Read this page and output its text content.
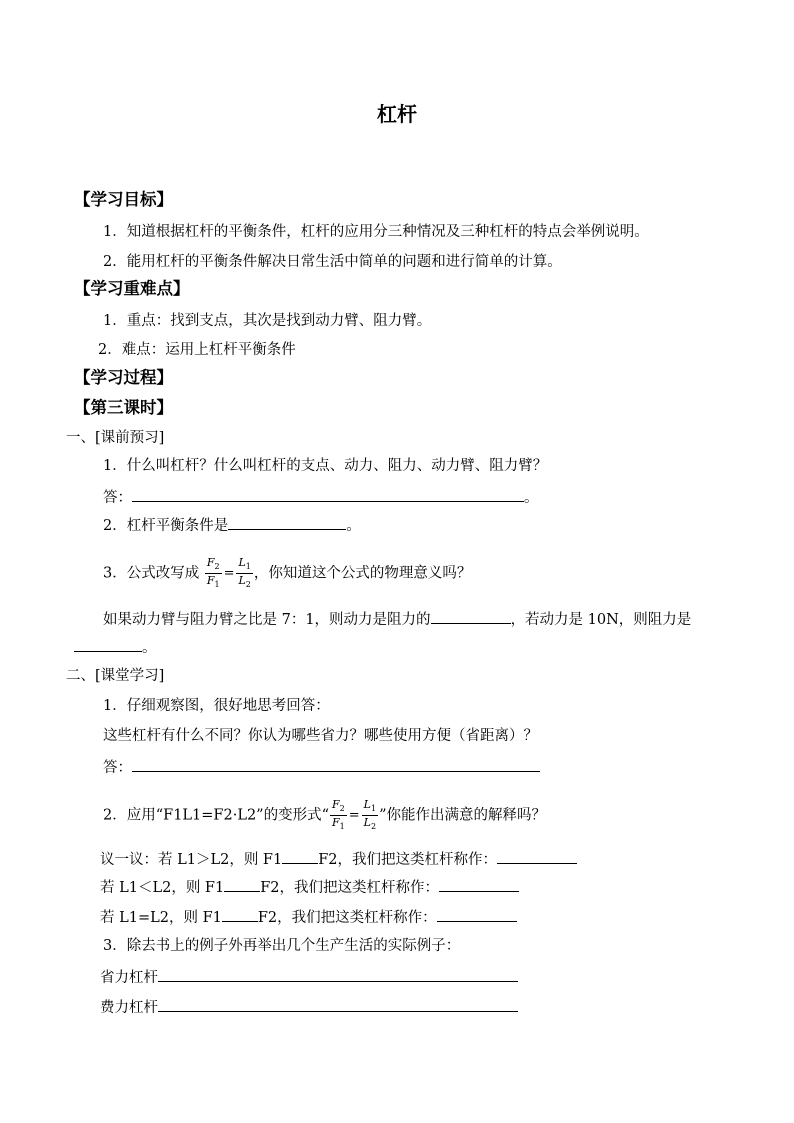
杠杆
【学习目标】
1．知道根据杠杆的平衡条件，杠杆的应用分三种情况及三种杠杆的特点会举例说明。
2．能用杠杆的平衡条件解决日常生活中简单的问题和进行简单的计算。
【学习重难点】
1．重点：找到支点，其次是找到动力臂、阻力臂。
2．难点：运用上杠杆平衡条件
【学习过程】
【第三课时】
一、[课前预习]
1．什么叫杠杆？什么叫杠杆的支点、动力、阻力、动力臂、阻力臂？
答：	。
2．杠杆平衡条件是	。
3．公式改写成 $\frac{F_2}{F_1} = \frac{L_1}{L_2}$ ，你知道这个公式的物理意义吗？
如果动力臂与阻力臂之比是 7：1，则动力是阻力的	，若动力是 10N，则阻力是
。
二、[课堂学习]
1．仔细观察图，很好地思考回答：
这些杠杆有什么不同？你认为哪些省力？哪些使用方便（省距离）？
答：
2．应用“F1L1=F2·L2”的变形式“ $\frac{F_2}{F_1} = \frac{L_1}{L_2}$ ”你能作出满意的解释吗？
议一议：若 L1＞L2，则 F1 F2，我们把这类杠杆称作：
若 L1＜L2，则 F1 F2，我们把这类杠杆称作：
若 L1=L2，则 F1 F2，我们把这类杠杆称作：
3．除去书上的例子外再举出几个生产生活的实际例子：
省力杠杆
费力杠杆
